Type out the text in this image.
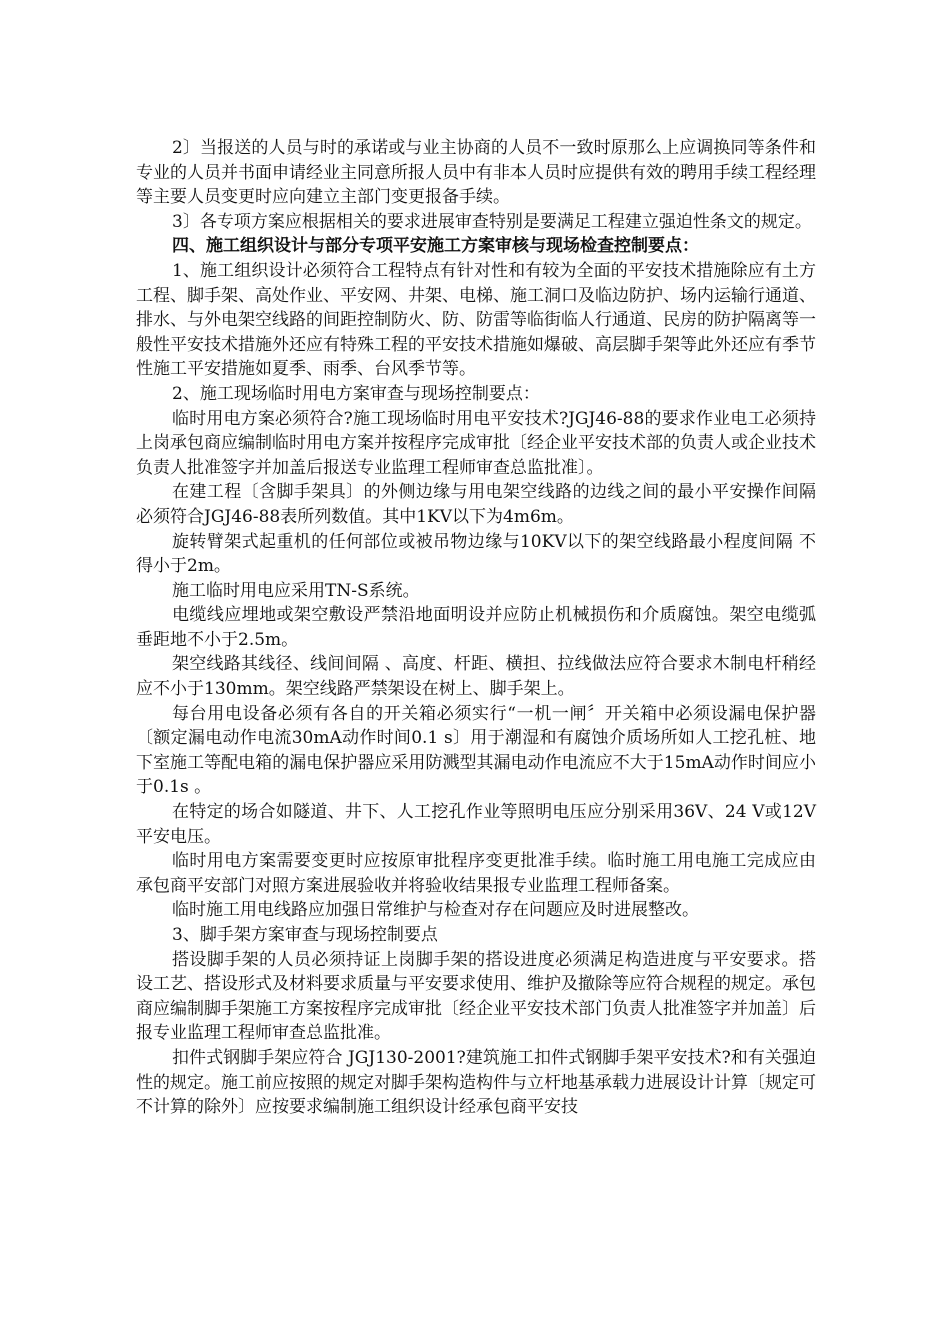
2〕当报送的人员与时的承诺或与业主协商的人员不一致时原那么上应调换同等条件和专业的人员并书面申请经业主同意所报人员中有非本人员时应提供有效的聘用手续工程经理等主要人员变更时应向建立主部门变更报备手续。

3〕各专项方案应根据相关的要求进展审查特别是要满足工程建立强迫性条文的规定。

四、施工组织设计与部分专项平安施工方案审核与现场检查控制要点：

1、施工组织设计必须符合工程特点有针对性和有较为全面的平安技术措施除应有土方工程、脚手架、高处作业、平安网、井架、电梯、施工洞口及临边防护、场内运输行通道、排水、与外电架空线路的间距控制防火、防、防雷等临街临人行通道、民房的防护隔离等一般性平安技术措施外还应有特殊工程的平安技术措施如爆破、高层脚手架等此外还应有季节性施工平安措施如夏季、雨季、台风季节等。

2、施工现场临时用电方案审查与现场控制要点：

临时用电方案必须符合?施工现场临时用电平安技术?JGJ46-88的要求作业电工必须持上岗承包商应编制临时用电方案并按程序完成审批〔经企业平安技术部的负责人或企业技术负责人批准签字并加盖后报送专业监理工程师审查总监批准〕。

在建工程〔含脚手架具〕的外侧边缘与用电架空线路的边线之间的最小平安操作间隔 必须符合JGJ46-88表所列数值。其中1KV以下为4m6m。

旋转臂架式起重机的任何部位或被吊物边缘与10KV以下的架空线路最小程度间隔 不得小于2m。

施工临时用电应采用TN-S系统。

电缆线应埋地或架空敷设严禁沿地面明设并应防止机械损伤和介质腐蚀。架空电缆弧垂距地不小于2.5m。

架空线路其线径、线间间隔 、高度、杆距、横担、拉线做法应符合要求木制电杆稍经应不小于130mm。架空线路严禁架设在树上、脚手架上。

每台用电设备必须有各自的开关箱必须实行“一机一闸〞开关箱中必须设漏电保护器〔额定漏电动作电流30mA动作时间0.1 s〕用于潮湿和有腐蚀介质场所如人工挖孔桩、地下室施工等配电箱的漏电保护器应采用防溅型其漏电动作电流应不大于15mA动作时间应小于0.1s 。

在特定的场合如隧道、井下、人工挖孔作业等照明电压应分别采用36V、24 V或12V平安电压。

临时用电方案需要变更时应按原审批程序变更批准手续。临时施工用电施工完成应由承包商平安部门对照方案进展验收并将验收结果报专业监理工程师备案。

临时施工用电线路应加强日常维护与检查对存在问题应及时进展整改。

3、脚手架方案审查与现场控制要点

搭设脚手架的人员必须持证上岗脚手架的搭设进度必须满足构造进度与平安要求。搭设工艺、搭设形式及材料要求质量与平安要求使用、维护及撤除等应符合规程的规定。承包商应编制脚手架施工方案按程序完成审批〔经企业平安技术部门负责人批准签字并加盖〕后报专业监理工程师审查总监批准。

扣件式钢脚手架应符合 JGJ130-2001?建筑施工扣件式钢脚手架平安技术?和有关强迫性的规定。施工前应按照的规定对脚手架构造构件与立杆地基承载力进展设计计算〔规定可不计算的除外〕应按要求编制施工组织设计经承包商平安技
